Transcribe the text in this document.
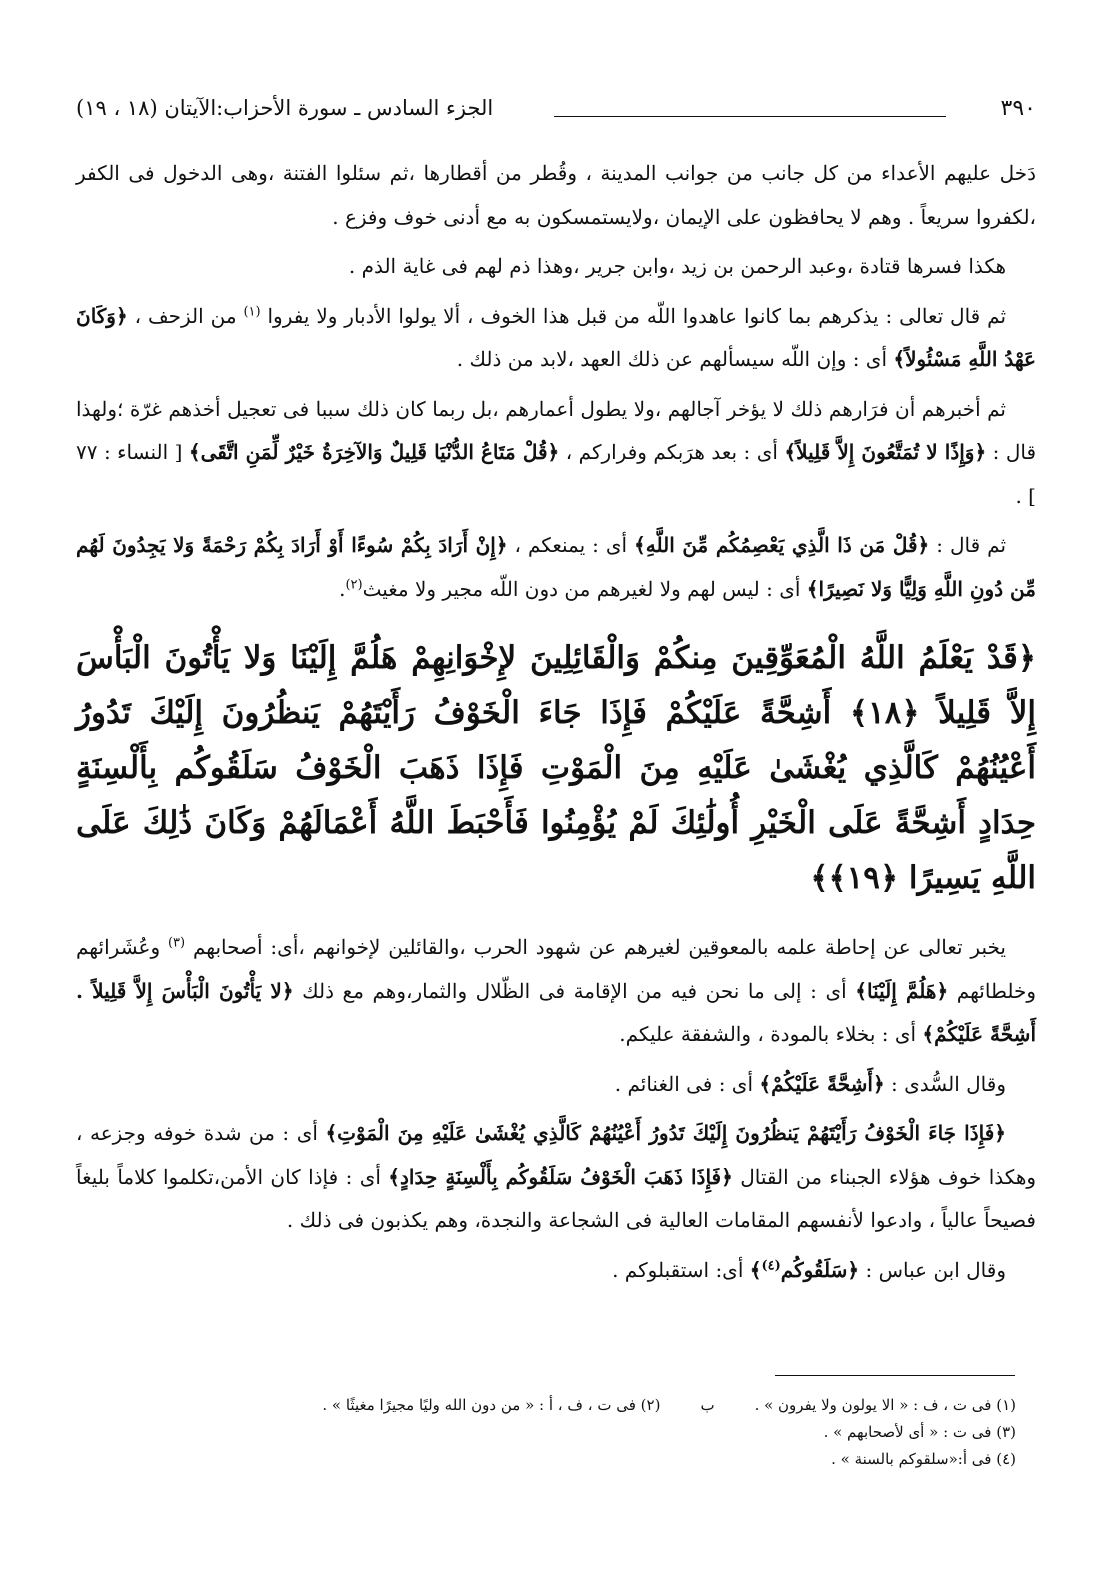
الجزء السادس ـ سورة الأحزاب:الآيتان (١٨ ، ١٩)	٣٩٠

دَخل عليهم الأعداء من كل جانب من جوانب المدينة ، وقُطر من أقطارها ،ثم سئلوا الفتنة ،وهى الدخول فى الكفر ،لكفروا سريعاً . وهم لا يحافظون على الإيمان ،ولايستمسكون به مع أدنى خوف وفزع .

هكذا فسرها قتادة ،وعبد الرحمن بن زيد ،وابن جرير ،وهذا ذم لهم فى غاية الذم .

ثم قال تعالى : يذكرهم بما كانوا عاهدوا اللّه من قبل هذا الخوف ، ألا يولوا الأدبار ولا يفروا $^{(١)}$ من الزحف ، ﴿وَكَانَ عَهْدُ اللَّهِ مَسْئُولاً﴾ أى : وإن اللّه سيسألهم عن ذلك العهد ،لابد من ذلك .

ثم أخبرهم أن فرَارهم ذلك لا يؤخر آجالهم ،ولا يطول أعمارهم ،بل ربما كان ذلك سببا فى تعجيل أخذهم غرّة ؛ولهذا قال : ﴿وَإِذًا لا تُمَتَّعُونَ إِلاَّ قَلِيلاً﴾ أى : بعد هرَبكم وفراركم ، ﴿قُلْ مَتَاعُ الدُّنْيَا قَلِيلٌ وَالآخِرَةُ خَيْرٌ لِّمَنِ اتَّقَى﴾ [ النساء : ٧٧ ] .

ثم قال : ﴿قُلْ مَن ذَا الَّذِي يَعْصِمُكُم مِّنَ اللَّهِ﴾ أى : يمنعكم ، ﴿إِنْ أَرَادَ بِكُمْ سُوءًا أَوْ أَرَادَ بِكُمْ رَحْمَةً وَلا يَجِدُونَ لَهُم مِّن دُونِ اللَّهِ وَلِيًّا وَلا نَصِيرًا﴾ أى : ليس لهم ولا لغيرهم من دون اللّه مجير ولا مغيث$^{(٢)}$.

﴿قَدْ يَعْلَمُ اللَّهُ الْمُعَوِّقِينَ مِنكُمْ وَالْقَائِلِينَ لإِخْوَانِهِمْ هَلُمَّ إِلَيْنَا وَلا يَأْتُونَ الْبَأْسَ إِلاَّ قَلِيلاً ﴿١٨﴾ أَشِحَّةً عَلَيْكُمْ فَإِذَا جَاءَ الْخَوْفُ رَأَيْتَهُمْ يَنظُرُونَ إِلَيْكَ تَدُورُ أَعْيُنُهُمْ كَالَّذِي يُغْشَىٰ عَلَيْهِ مِنَ الْمَوْتِ فَإِذَا ذَهَبَ الْخَوْفُ سَلَقُوكُم بِأَلْسِنَةٍ حِدَادٍ أَشِحَّةً عَلَى الْخَيْرِ أُولَٰئِكَ لَمْ يُؤْمِنُوا فَأَحْبَطَ اللَّهُ أَعْمَالَهُمْ وَكَانَ ذَٰلِكَ عَلَى اللَّهِ يَسِيرًا ﴿١٩﴾﴾

يخبر تعالى عن إحاطة علمه بالمعوقين لغيرهم عن شهود الحرب ،والقائلين لإخوانهم ،أى: أصحابهم $^{(٣)}$ وعُشَرائهم وخلطائهم ﴿هَلُمَّ إِلَيْنَا﴾ أى : إلى ما نحن فيه من الإقامة فى الظّلال والثمار،وهم مع ذلك ﴿لا يَأْتُونَ الْبَأْسَ إِلاَّ قَلِيلاً . أَشِحَّةً عَلَيْكُمْ﴾ أى : بخلاء بالمودة ، والشفقة عليكم.

وقال السُّدى : ﴿أَشِحَّةً عَلَيْكُمْ﴾ أى : فى الغنائم .

﴿فَإِذَا جَاءَ الْخَوْفُ رَأَيْتَهُمْ يَنظُرُونَ إِلَيْكَ تَدُورُ أَعْيُنُهُمْ كَالَّذِي يُغْشَىٰ عَلَيْهِ مِنَ الْمَوْتِ﴾ أى : من شدة خوفه وجزعه ، وهكذا خوف هؤلاء الجبناء من القتال ﴿فَإِذَا ذَهَبَ الْخَوْفُ سَلَقُوكُم بِأَلْسِنَةٍ حِدَادٍ﴾ أى : فإذا كان الأمن،تكلموا كلاماً بليغاً فصيحاً عالياً ، وادعوا لأنفسهم المقامات العالية فى الشجاعة والنجدة، وهم يكذبون فى ذلك .

وقال ابن عباس : ﴿سَلَقُوكُم$^{(٤)}$﴾ أى: استقبلوكم .

(١) فى ت ، ف : « الا يولون ولا يفرون » .
ب
(٢) فى ت ، ف ، أ : « من دون الله وليًا مجيرًا مغيثًا » .
(٣) فى ت : « أى لأصحابهم » .
(٤) فى أ:«سلقوكم بالسنة » .
